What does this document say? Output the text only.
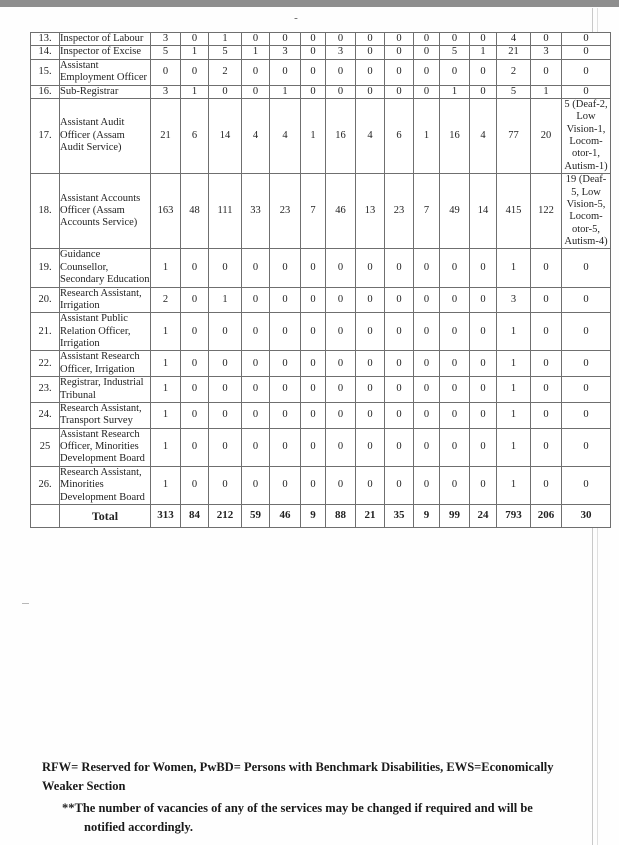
-
13.	Inspector of Labour	3	0	1	0	0	0	0	0	0	0	0	0	4	0	0
14.	Inspector of Excise	5	1	5	1	3	0	3	0	0	0	5	1	21	3	0
15.	Assistant Employment Officer	0	0	2	0	0	0	0	0	0	0	0	0	2	0	0
16.	Sub-Registrar	3	1	0	0	1	0	0	0	0	0	1	0	5	1	0
17.	Assistant Audit Officer (Assam Audit Service)	21	6	14	4	4	1	16	4	6	1	16	4	77	20	5 (Deaf-2, Low Vision-1, Locom-otor-1, Autism-1)
18.	Assistant Accounts Officer (Assam Accounts Service)	163	48	111	33	23	7	46	13	23	7	49	14	415	122	19 (Deaf-5, Low Vision-5, Locom-otor-5, Autism-4)
19.	Guidance Counsellor, Secondary Education	1	0	0	0	0	0	0	0	0	0	0	0	1	0	0
20.	Research Assistant, Irrigation	2	0	1	0	0	0	0	0	0	0	0	0	3	0	0
21.	Assistant Public Relation Officer, Irrigation	1	0	0	0	0	0	0	0	0	0	0	0	1	0	0
22.	Assistant Research Officer, Irrigation	1	0	0	0	0	0	0	0	0	0	0	0	1	0	0
23.	Registrar, Industrial Tribunal	1	0	0	0	0	0	0	0	0	0	0	0	1	0	0
24.	Research Assistant, Transport Survey	1	0	0	0	0	0	0	0	0	0	0	0	1	0	0
25	Assistant Research Officer, Minorities Development Board	1	0	0	0	0	0	0	0	0	0	0	0	1	0	0
26.	Research Assistant, Minorities Development Board	1	0	0	0	0	0	0	0	0	0	0	0	1	0	0
	Total	313	84	212	59	46	9	88	21	35	9	99	24	793	206	30
RFW= Reserved for Women, PwBD= Persons with Benchmark Disabilities, EWS=Economically Weaker Section
**The number of vacancies of any of the services may be changed if required and will be
notified accordingly.
